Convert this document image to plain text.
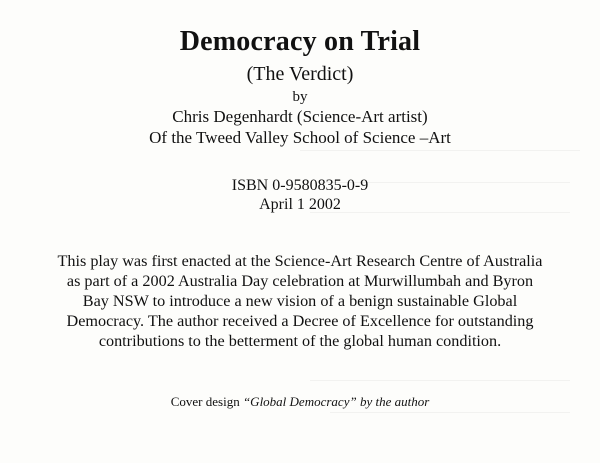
Democracy on Trial
(The Verdict)
by
Chris Degenhardt (Science-Art artist)
Of the Tweed Valley School of Science –Art
ISBN 0-9580835-0-9
April 1 2002
This play was first enacted at the Science-Art Research Centre of Australia
as part of a 2002 Australia Day celebration at Murwillumbah and Byron
Bay NSW to introduce a new vision of a benign sustainable Global
Democracy. The author received a Decree of Excellence for outstanding
contributions to the betterment of the global human condition.
Cover design “Global Democracy” by the author
